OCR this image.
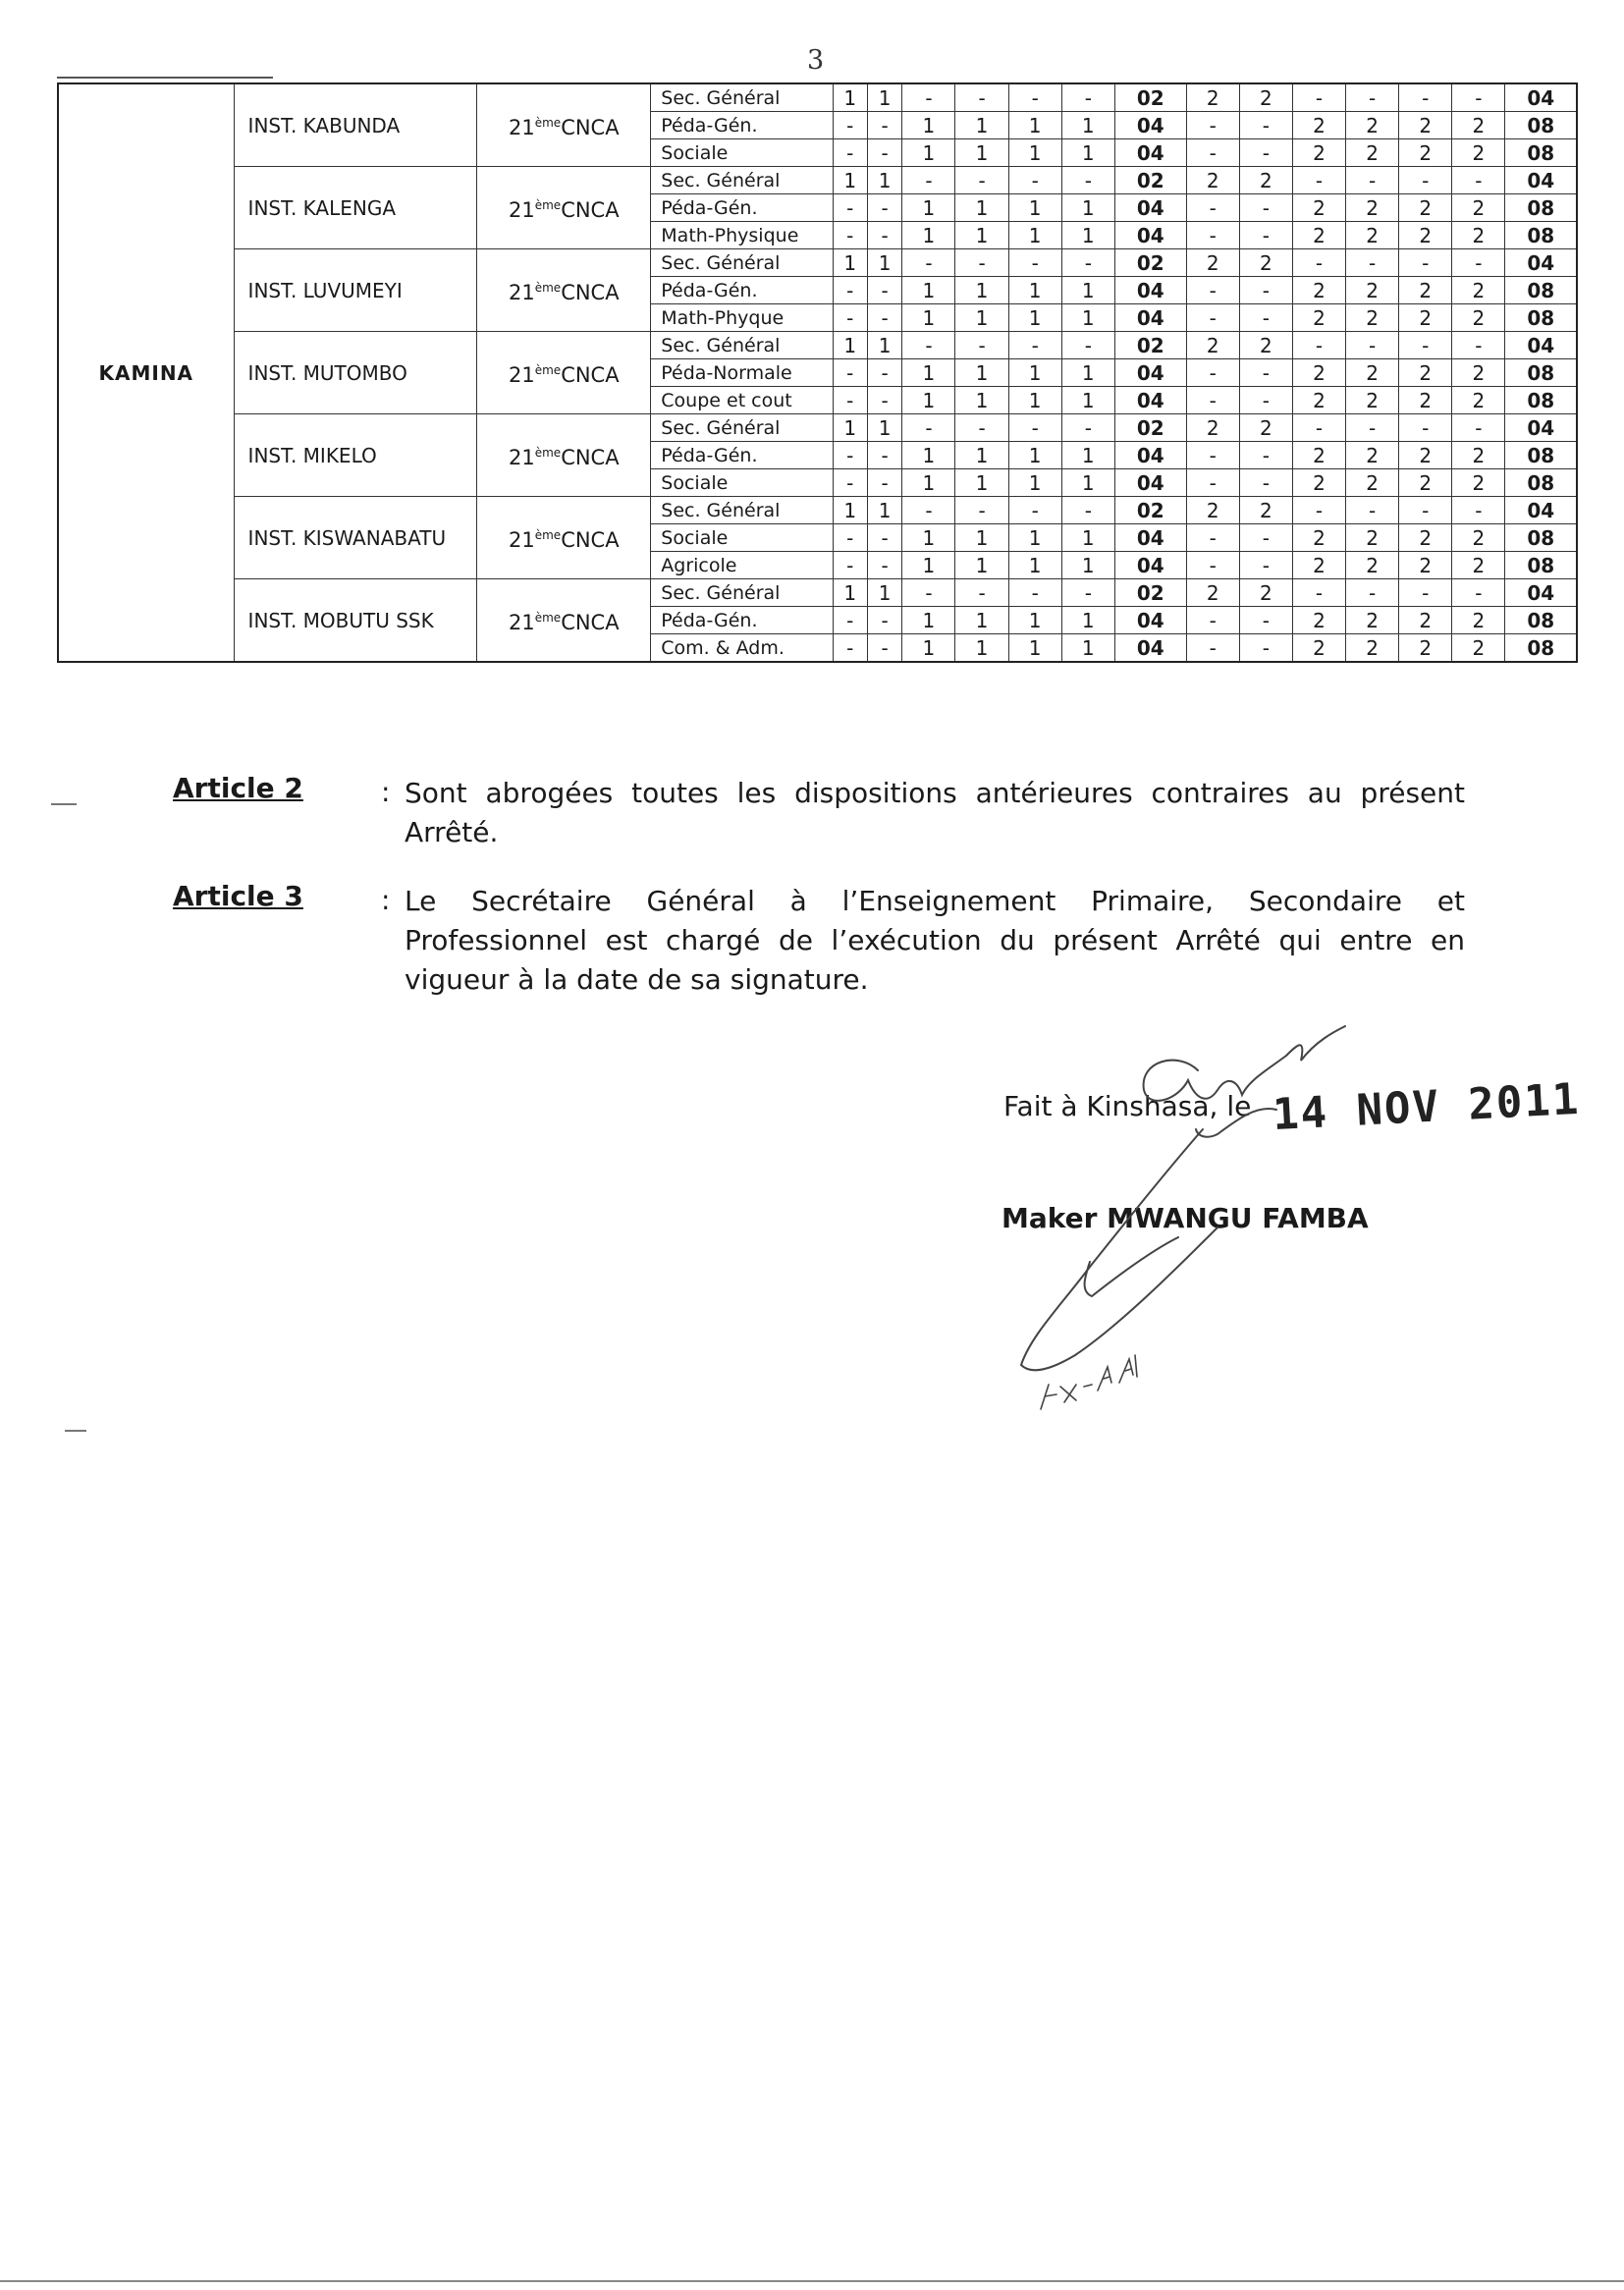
3
KAMINA	INST. KABUNDA	21èmeCNCA	Sec. Général	1	1	-	-	-	-	02	2	2	-	-	-	-	04
			Péda-Gén.	-	-	1	1	1	1	04	-	-	2	2	2	2	08
			Sociale	-	-	1	1	1	1	04	-	-	2	2	2	2	08
	INST. KALENGA	21èmeCNCA	Sec. Général	1	1	-	-	-	-	02	2	2	-	-	-	-	04
			Péda-Gén.	-	-	1	1	1	1	04	-	-	2	2	2	2	08
			Math-Physique	-	-	1	1	1	1	04	-	-	2	2	2	2	08
	INST. LUVUMEYI	21èmeCNCA	Sec. Général	1	1	-	-	-	-	02	2	2	-	-	-	-	04
			Péda-Gén.	-	-	1	1	1	1	04	-	-	2	2	2	2	08
			Math-Phyque	-	-	1	1	1	1	04	-	-	2	2	2	2	08
	INST. MUTOMBO	21èmeCNCA	Sec. Général	1	1	-	-	-	-	02	2	2	-	-	-	-	04
			Péda-Normale	-	-	1	1	1	1	04	-	-	2	2	2	2	08
			Coupe et cout	-	-	1	1	1	1	04	-	-	2	2	2	2	08
	INST. MIKELO	21èmeCNCA	Sec. Général	1	1	-	-	-	-	02	2	2	-	-	-	-	04
			Péda-Gén.	-	-	1	1	1	1	04	-	-	2	2	2	2	08
			Sociale	-	-	1	1	1	1	04	-	-	2	2	2	2	08
	INST. KISWANABATU	21èmeCNCA	Sec. Général	1	1	-	-	-	-	02	2	2	-	-	-	-	04
			Sociale	-	-	1	1	1	1	04	-	-	2	2	2	2	08
			Agricole	-	-	1	1	1	1	04	-	-	2	2	2	2	08
	INST. MOBUTU SSK	21èmeCNCA	Sec. Général	1	1	-	-	-	-	02	2	2	-	-	-	-	04
			Péda-Gén.	-	-	1	1	1	1	04	-	-	2	2	2	2	08
			Com. & Adm.	-	-	1	1	1	1	04	-	-	2	2	2	2	08
Article 2	: Sont abrogées toutes les dispositions antérieures contraires au présent Arrêté.
Article 3	: Le Secrétaire Général à l’Enseignement Primaire, Secondaire et Professionnel est chargé de l’exécution du présent Arrêté qui entre en vigueur à la date de sa signature.
Fait à Kinshasa, le 14 NOV 2011
Maker MWANGU FAMBA
